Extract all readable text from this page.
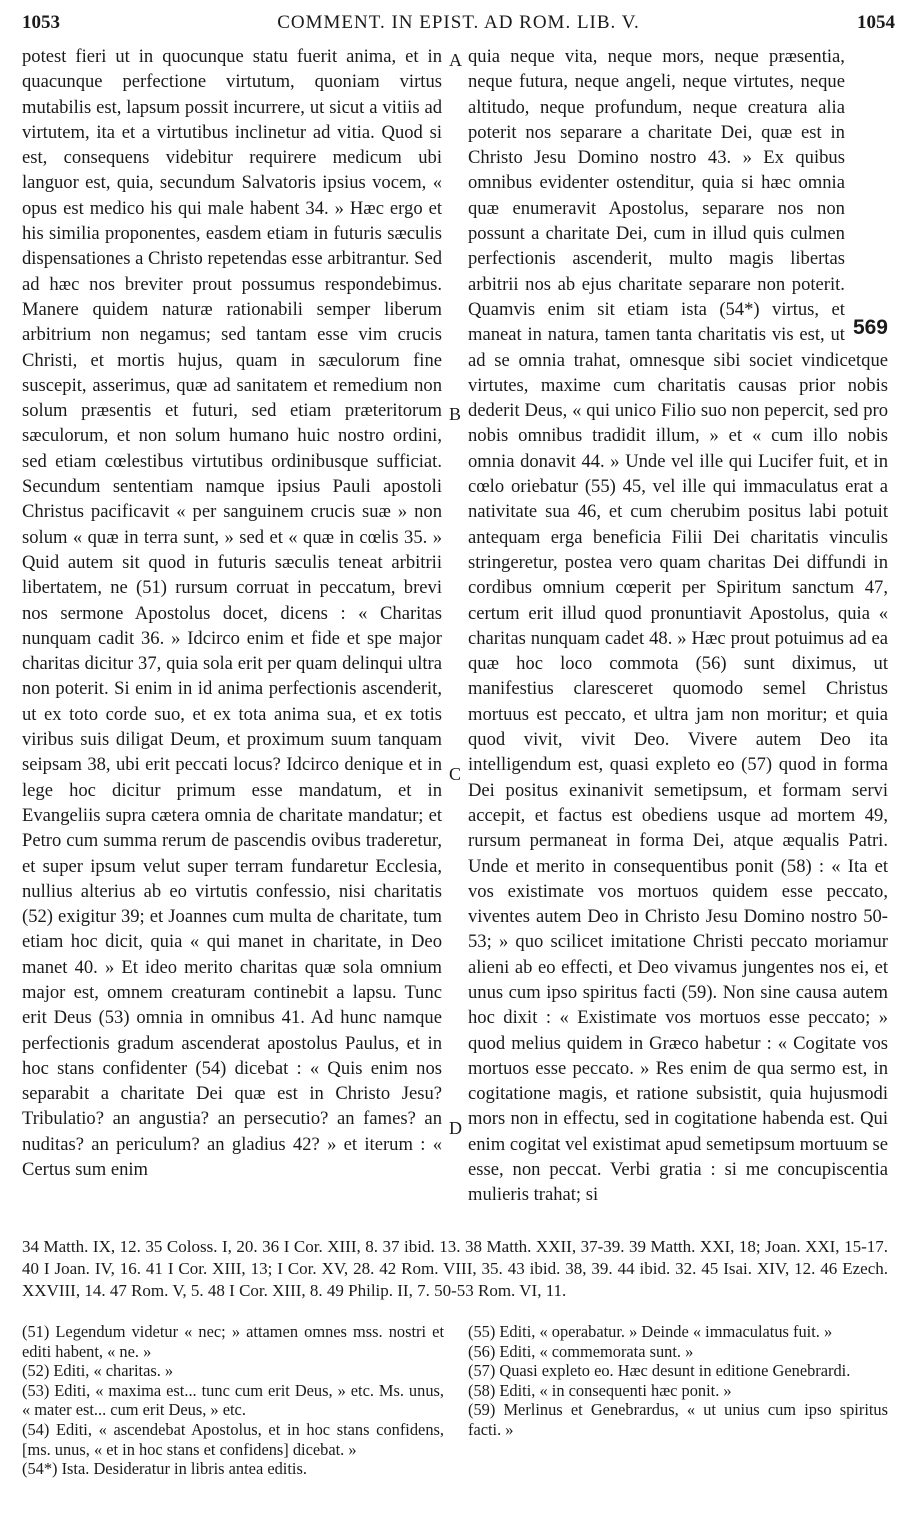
1053	COMMENT. IN EPIST. AD ROM. LIB. V.	1054
A
B
C
D

potest fieri ut in quocunque statu fuerit anima, et in quacunque perfectione virtutum, quoniam virtus mutabilis est, lapsum possit incurrere, ut sicut a vitiis ad virtutem, ita et a virtutibus inclinetur ad vitia. Quod si est, consequens videbitur requirere medicum ubi languor est, quia, secundum Salvatoris ipsius vocem, « opus est medico his qui male habent 34. » Hæc ergo et his similia proponentes, easdem etiam in futuris sæculis dispensationes a Christo repetendas esse arbitrantur. Sed ad hæc nos breviter prout possumus respondebimus. Manere quidem naturæ rationabili semper liberum arbitrium non negamus; sed tantam esse vim crucis Christi, et mortis hujus, quam in sæculorum fine suscepit, asserimus, quæ ad sanitatem et remedium non solum præsentis et futuri, sed etiam præteritorum sæculorum, et non solum humano huic nostro ordini, sed etiam cœlestibus virtutibus ordinibusque sufficiat. Secundum sententiam namque ipsius Pauli apostoli Christus pacificavit « per sanguinem crucis suæ » non solum « quæ in terra sunt, » sed et « quæ in cœlis 35. » Quid autem sit quod in futuris sæculis teneat arbitrii libertatem, ne (51) rursum corruat in peccatum, brevi nos sermone Apostolus docet, dicens : « Charitas nunquam cadit 36. » Idcirco enim et fide et spe major charitas dicitur 37, quia sola erit per quam delinqui ultra non poterit. Si enim in id anima perfectionis ascenderit, ut ex toto corde suo, et ex tota anima sua, et ex totis viribus suis diligat Deum, et proximum suum tanquam seipsam 38, ubi erit peccati locus? Idcirco denique et in lege hoc dicitur primum esse mandatum, et in Evangeliis supra cætera omnia de charitate mandatur; et Petro cum summa rerum de pascendis ovibus traderetur, et super ipsum velut super terram fundaretur Ecclesia, nullius alterius ab eo virtutis confessio, nisi charitatis (52) exigitur 39; et Joannes cum multa de charitate, tum etiam hoc dicit, quia « qui manet in charitate, in Deo manet 40. » Et ideo merito charitas quæ sola omnium major est, omnem creaturam continebit a lapsu. Tunc erit Deus (53) omnia in omnibus 41. Ad hunc namque perfectionis gradum ascenderat apostolus Paulus, et in hoc stans confidenter (54) dicebat : « Quis enim nos separabit a charitate Dei quæ est in Christo Jesu? Tribulatio? an angustia? an persecutio? an fames? an nuditas? an periculum? an gladius 42? » et iterum : « Certus sum enim

569

quia neque vita, neque mors, neque præsentia, neque futura, neque angeli, neque virtutes, neque altitudo, neque profundum, neque creatura alia poterit nos separare a charitate Dei, quæ est in Christo Jesu Domino nostro 43. » Ex quibus omnibus evidenter ostenditur, quia si hæc omnia quæ enumeravit Apostolus, separare nos non possunt a charitate Dei, cum in illud quis culmen perfectionis ascenderit, multo magis libertas arbitrii nos ab ejus charitate separare non poterit. Quamvis enim sit etiam ista (54*) virtus, et maneat in natura, tamen tanta charitatis vis est, ut ad se omnia trahat, omnesque sibi societ vindicetque virtutes, maxime cum charitatis causas prior nobis dederit Deus, « qui unico Filio suo non pepercit, sed pro nobis omnibus tradidit illum, » et « cum illo nobis omnia donavit 44. » Unde vel ille qui Lucifer fuit, et in cœlo oriebatur (55) 45, vel ille qui immaculatus erat a nativitate sua 46, et cum cherubim positus labi potuit antequam erga beneficia Filii Dei charitatis vinculis stringeretur, postea vero quam charitas Dei diffundi in cordibus omnium cœperit per Spiritum sanctum 47, certum erit illud quod pronuntiavit Apostolus, quia « charitas nunquam cadet 48. » Hæc prout potuimus ad ea quæ hoc loco commota (56) sunt diximus, ut manifestius claresceret quomodo semel Christus mortuus est peccato, et ultra jam non moritur; et quia quod vivit, vivit Deo. Vivere autem Deo ita intelligendum est, quasi expleto eo (57) quod in forma Dei positus exinanivit semetipsum, et formam servi accepit, et factus est obediens usque ad mortem 49, rursum permaneat in forma Dei, atque æqualis Patri. Unde et merito in consequentibus ponit (58) : « Ita et vos existimate vos mortuos quidem esse peccato, viventes autem Deo in Christo Jesu Domino nostro 50-53; » quo scilicet imitatione Christi peccato moriamur alieni ab eo effecti, et Deo vivamus jungentes nos ei, et unus cum ipso spiritus facti (59). Non sine causa autem hoc dixit : « Existimate vos mortuos esse peccato; » quod melius quidem in Græco habetur : « Cogitate vos mortuos esse peccato. » Res enim de qua sermo est, in cogitatione magis, et ratione subsistit, quia hujusmodi mors non in effectu, sed in cogitatione habenda est. Qui enim cogitat vel existimat apud semetipsum mortuum se esse, non peccat. Verbi gratia : si me concupiscentia mulieris trahat; si

34 Matth. IX, 12. 35 Coloss. I, 20. 36 I Cor. XIII, 8. 37 ibid. 13. 38 Matth. XXII, 37-39. 39 Matth. XXI, 18; Joan. XXI, 15-17. 40 I Joan. IV, 16. 41 I Cor. XIII, 13; I Cor. XV, 28. 42 Rom. VIII, 35. 43 ibid. 38, 39. 44 ibid. 32. 45 Isai. XIV, 12. 46 Ezech. XXVIII, 14. 47 Rom. V, 5. 48 I Cor. XIII, 8. 49 Philip. II, 7. 50-53 Rom. VI, 11.

(51) Legendum videtur « nec; » attamen omnes mss. nostri et editi habent, « ne. »

(52) Editi, « charitas. »

(53) Editi, « maxima est... tunc cum erit Deus, » etc. Ms. unus, « mater est... cum erit Deus, » etc.

(54) Editi, « ascendebat Apostolus, et in hoc stans confidens, [ms. unus, « et in hoc stans et confidens] dicebat. »

(54*) Ista. Desideratur in libris antea editis.

(55) Editi, « operabatur. » Deinde « immaculatus fuit. »

(56) Editi, « commemorata sunt. »

(57) Quasi expleto eo. Hæc desunt in editione Genebrardi.

(58) Editi, « in consequenti hæc ponit. »

(59) Merlinus et Genebrardus, « ut unius cum ipso spiritus facti. »
